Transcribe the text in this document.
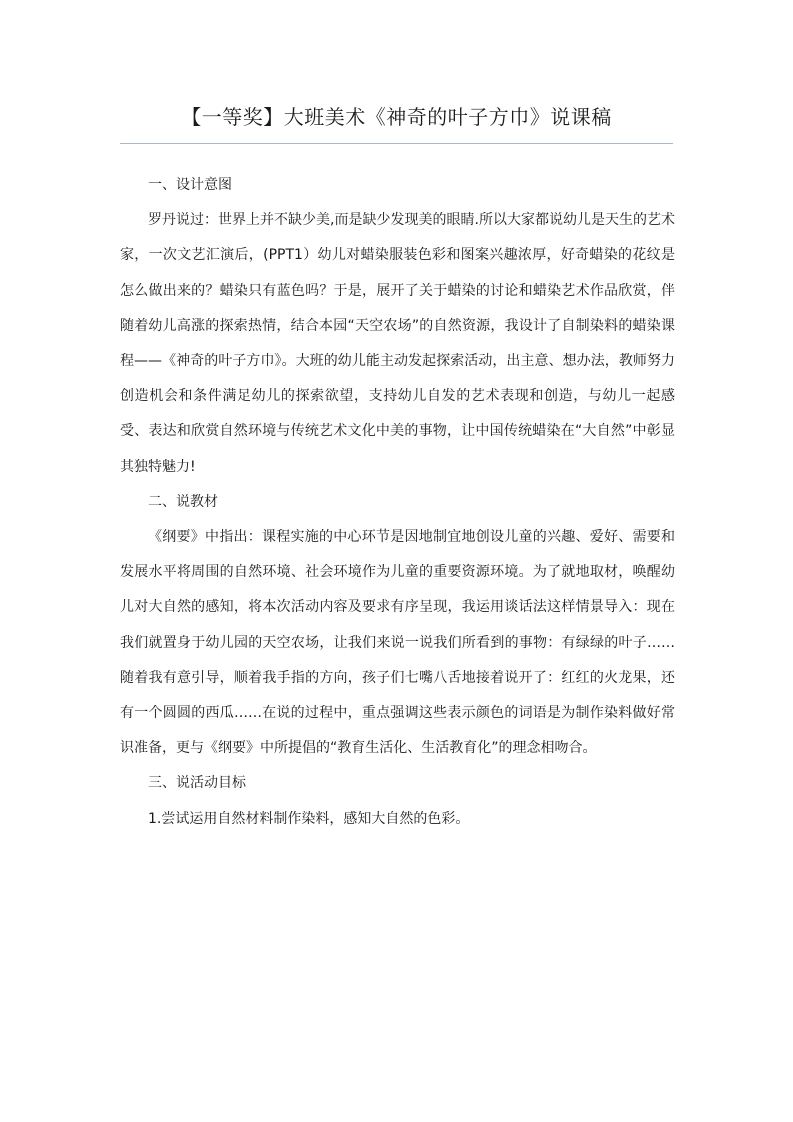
【一等奖】大班美术《神奇的叶子方巾》说课稿

一、设计意图

罗丹说过：世界上并不缺少美,而是缺少发现美的眼睛.所以大家都说幼儿是天生的艺术家，一次文艺汇演后，(PPT1）幼儿对蜡染服装色彩和图案兴趣浓厚，好奇蜡染的花纹是怎么做出来的？蜡染只有蓝色吗？于是，展开了关于蜡染的讨论和蜡染艺术作品欣赏，伴随着幼儿高涨的探索热情，结合本园“天空农场”的自然资源，我设计了自制染料的蜡染课程——《神奇的叶子方巾》。大班的幼儿能主动发起探索活动，出主意、想办法，教师努力创造机会和条件满足幼儿的探索欲望，支持幼儿自发的艺术表现和创造，与幼儿一起感受、表达和欣赏自然环境与传统艺术文化中美的事物，让中国传统蜡染在“大自然”中彰显其独特魅力!

二、说教材

《纲要》中指出：课程实施的中心环节是因地制宜地创设儿童的兴趣、爱好、需要和发展水平将周围的自然环境、社会环境作为儿童的重要资源环境。为了就地取材，唤醒幼儿对大自然的感知，将本次活动内容及要求有序呈现，我运用谈话法这样情景导入：现在我们就置身于幼儿园的天空农场，让我们来说一说我们所看到的事物：有绿绿的叶子……随着我有意引导，顺着我手指的方向，孩子们七嘴八舌地接着说开了：红红的火龙果，还有一个圆圆的西瓜……在说的过程中，重点强调这些表示颜色的词语是为制作染料做好常识准备，更与《纲要》中所提倡的“教育生活化、生活教育化”的理念相吻合。

三、说活动目标

1.尝试运用自然材料制作染料，感知大自然的色彩。
